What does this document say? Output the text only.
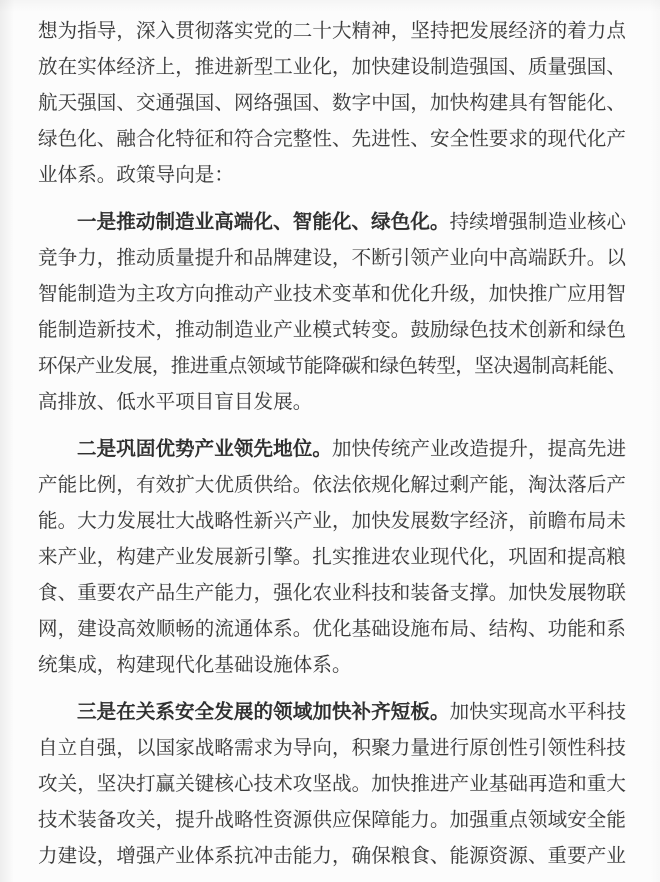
想为指导，深入贯彻落实党的二十大精神，坚持把发展经济的着力点
放在实体经济上，推进新型工业化，加快建设制造强国、质量强国、
航天强国、交通强国、网络强国、数字中国，加快构建具有智能化、
绿色化、融合化特征和符合完整性、先进性、安全性要求的现代化产
业体系。政策导向是：
一是推动制造业高端化、智能化、绿色化。持续增强制造业核心
竞争力，推动质量提升和品牌建设，不断引领产业向中高端跃升。以
智能制造为主攻方向推动产业技术变革和优化升级，加快推广应用智
能制造新技术，推动制造业产业模式转变。鼓励绿色技术创新和绿色
环保产业发展，推进重点领域节能降碳和绿色转型，坚决遏制高耗能、
高排放、低水平项目盲目发展。
二是巩固优势产业领先地位。加快传统产业改造提升，提高先进
产能比例，有效扩大优质供给。依法依规化解过剩产能，淘汰落后产
能。大力发展壮大战略性新兴产业，加快发展数字经济，前瞻布局未
来产业，构建产业发展新引擎。扎实推进农业现代化，巩固和提高粮
食、重要农产品生产能力，强化农业科技和装备支撑。加快发展物联
网，建设高效顺畅的流通体系。优化基础设施布局、结构、功能和系
统集成，构建现代化基础设施体系。
三是在关系安全发展的领域加快补齐短板。加快实现高水平科技
自立自强，以国家战略需求为导向，积聚力量进行原创性引领性科技
攻关，坚决打赢关键核心技术攻坚战。加快推进产业基础再造和重大
技术装备攻关，提升战略性资源供应保障能力。加强重点领域安全能
力建设，增强产业体系抗冲击能力，确保粮食、能源资源、重要产业
